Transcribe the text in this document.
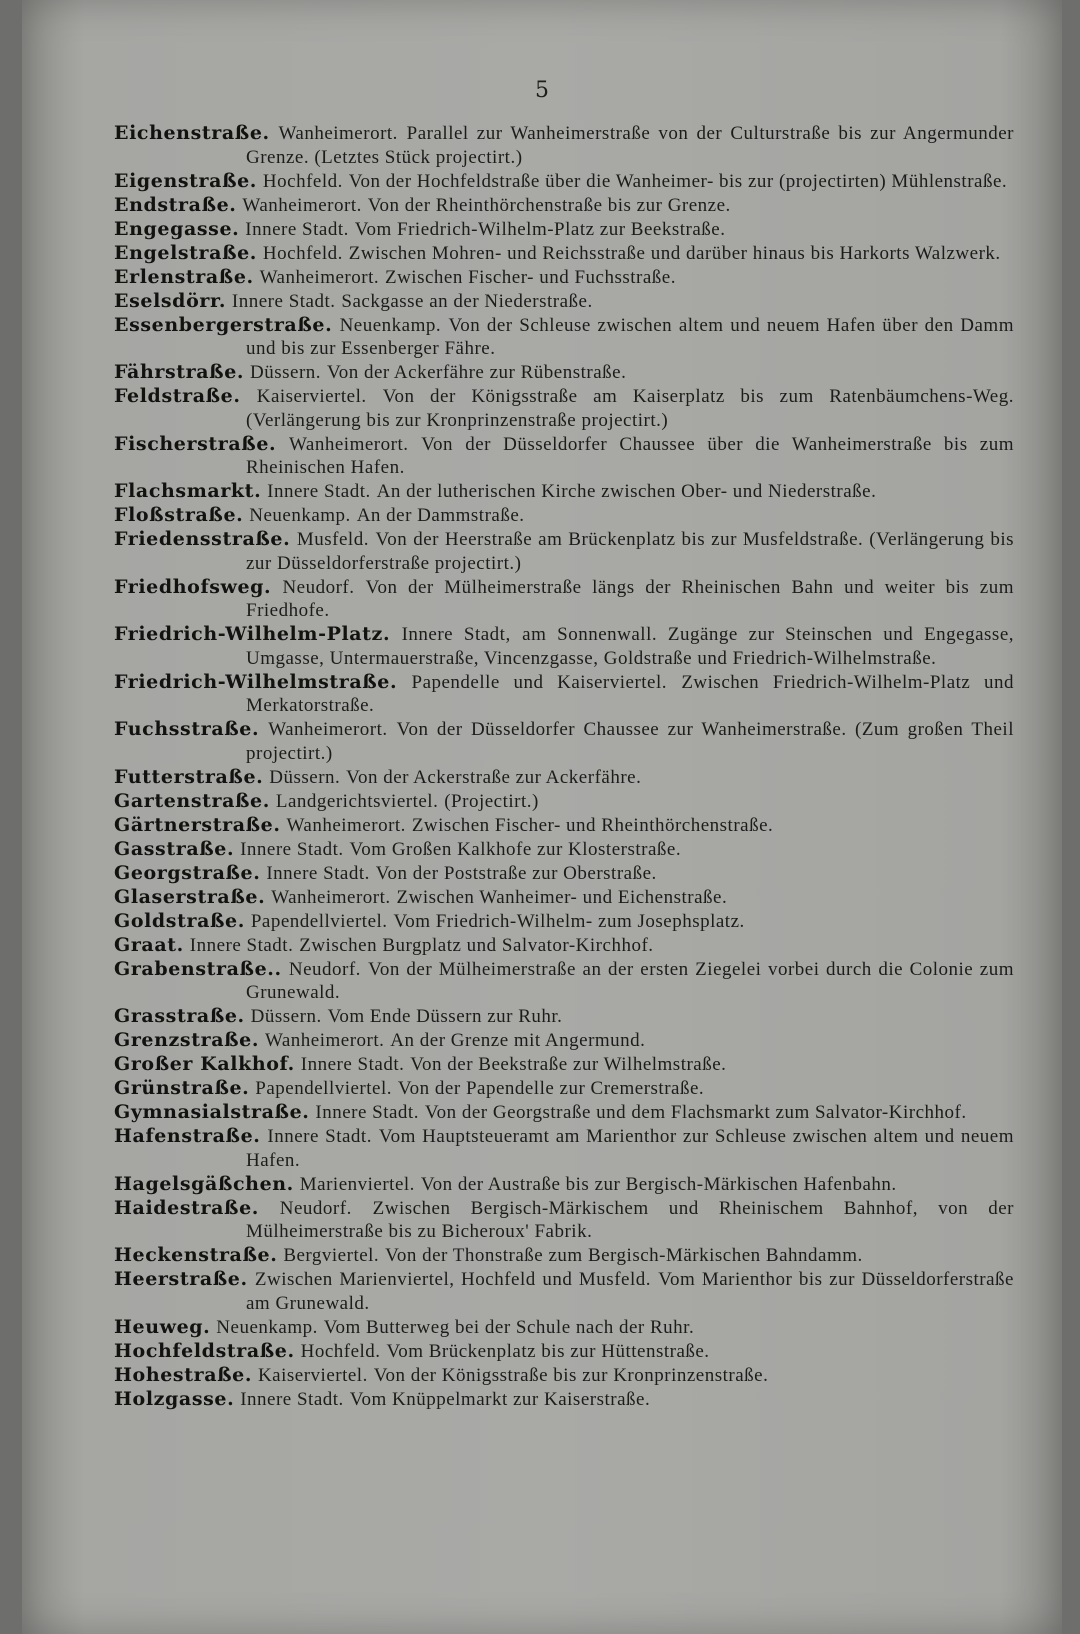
5
Eichenstraße. Wanheimerort. Parallel zur Wanheimerstraße von der Culturstraße bis zur Angermunder Grenze. (Letztes Stück projectirt.)
Eigenstraße. Hochfeld. Von der Hochfeldstraße über die Wanheimer- bis zur (projectirten) Mühlenstraße.
Endstraße. Wanheimerort. Von der Rheinthörchenstraße bis zur Grenze.
Engegasse. Innere Stadt. Vom Friedrich-Wilhelm-Platz zur Beekstraße.
Engelstraße. Hochfeld. Zwischen Mohren- und Reichsstraße und darüber hinaus bis Harkorts Walzwerk.
Erlenstraße. Wanheimerort. Zwischen Fischer- und Fuchsstraße.
Eselsdörr. Innere Stadt. Sackgasse an der Niederstraße.
Essenbergerstraße. Neuenkamp. Von der Schleuse zwischen altem und neuem Hafen über den Damm und bis zur Essenberger Fähre.
Fährstraße. Düssern. Von der Ackerfähre zur Rübenstraße.
Feldstraße. Kaiserviertel. Von der Königsstraße am Kaiserplatz bis zum Ratenbäumchens-Weg. (Verlängerung bis zur Kronprinzenstraße projectirt.)
Fischerstraße. Wanheimerort. Von der Düsseldorfer Chaussee über die Wanheimerstraße bis zum Rheinischen Hafen.
Flachsmarkt. Innere Stadt. An der lutherischen Kirche zwischen Ober- und Niederstraße.
Floßstraße. Neuenkamp. An der Dammstraße.
Friedensstraße. Musfeld. Von der Heerstraße am Brückenplatz bis zur Musfeldstraße. (Verlängerung bis zur Düsseldorferstraße projectirt.)
Friedhofsweg. Neudorf. Von der Mülheimerstraße längs der Rheinischen Bahn und weiter bis zum Friedhofe.
Friedrich-Wilhelm-Platz. Innere Stadt, am Sonnenwall. Zugänge zur Steinschen und Engegasse, Umgasse, Untermauerstraße, Vincenzgasse, Goldstraße und Friedrich-Wilhelmstraße.
Friedrich-Wilhelmstraße. Papendelle und Kaiserviertel. Zwischen Friedrich-Wilhelm-Platz und Merkatorstraße.
Fuchsstraße. Wanheimerort. Von der Düsseldorfer Chaussee zur Wanheimerstraße. (Zum großen Theil projectirt.)
Futterstraße. Düssern. Von der Ackerstraße zur Ackerfähre.
Gartenstraße. Landgerichtsviertel. (Projectirt.)
Gärtnerstraße. Wanheimerort. Zwischen Fischer- und Rheinthörchenstraße.
Gasstraße. Innere Stadt. Vom Großen Kalkhofe zur Klosterstraße.
Georgstraße. Innere Stadt. Von der Poststraße zur Oberstraße.
Glaserstraße. Wanheimerort. Zwischen Wanheimer- und Eichenstraße.
Goldstraße. Papendellviertel. Vom Friedrich-Wilhelm- zum Josephsplatz.
Graat. Innere Stadt. Zwischen Burgplatz und Salvator-Kirchhof.
Grabenstraße.. Neudorf. Von der Mülheimerstraße an der ersten Ziegelei vorbei durch die Colonie zum Grunewald.
Grasstraße. Düssern. Vom Ende Düssern zur Ruhr.
Grenzstraße. Wanheimerort. An der Grenze mit Angermund.
Großer Kalkhof. Innere Stadt. Von der Beekstraße zur Wilhelmstraße.
Grünstraße. Papendellviertel. Von der Papendelle zur Cremerstraße.
Gymnasialstraße. Innere Stadt. Von der Georgstraße und dem Flachsmarkt zum Salvator-Kirchhof.
Hafenstraße. Innere Stadt. Vom Hauptsteueramt am Marienthor zur Schleuse zwischen altem und neuem Hafen.
Hagelsgäßchen. Marienviertel. Von der Austraße bis zur Bergisch-Märkischen Hafenbahn.
Haidestraße. Neudorf. Zwischen Bergisch-Märkischem und Rheinischem Bahnhof, von der Mülheimerstraße bis zu Bicheroux' Fabrik.
Heckenstraße. Bergviertel. Von der Thonstraße zum Bergisch-Märkischen Bahndamm.
Heerstraße. Zwischen Marienviertel, Hochfeld und Musfeld. Vom Marienthor bis zur Düsseldorferstraße am Grunewald.
Heuweg. Neuenkamp. Vom Butterweg bei der Schule nach der Ruhr.
Hochfeldstraße. Hochfeld. Vom Brückenplatz bis zur Hüttenstraße.
Hohestraße. Kaiserviertel. Von der Königsstraße bis zur Kronprinzenstraße.
Holzgasse. Innere Stadt. Vom Knüppelmarkt zur Kaiserstraße.
